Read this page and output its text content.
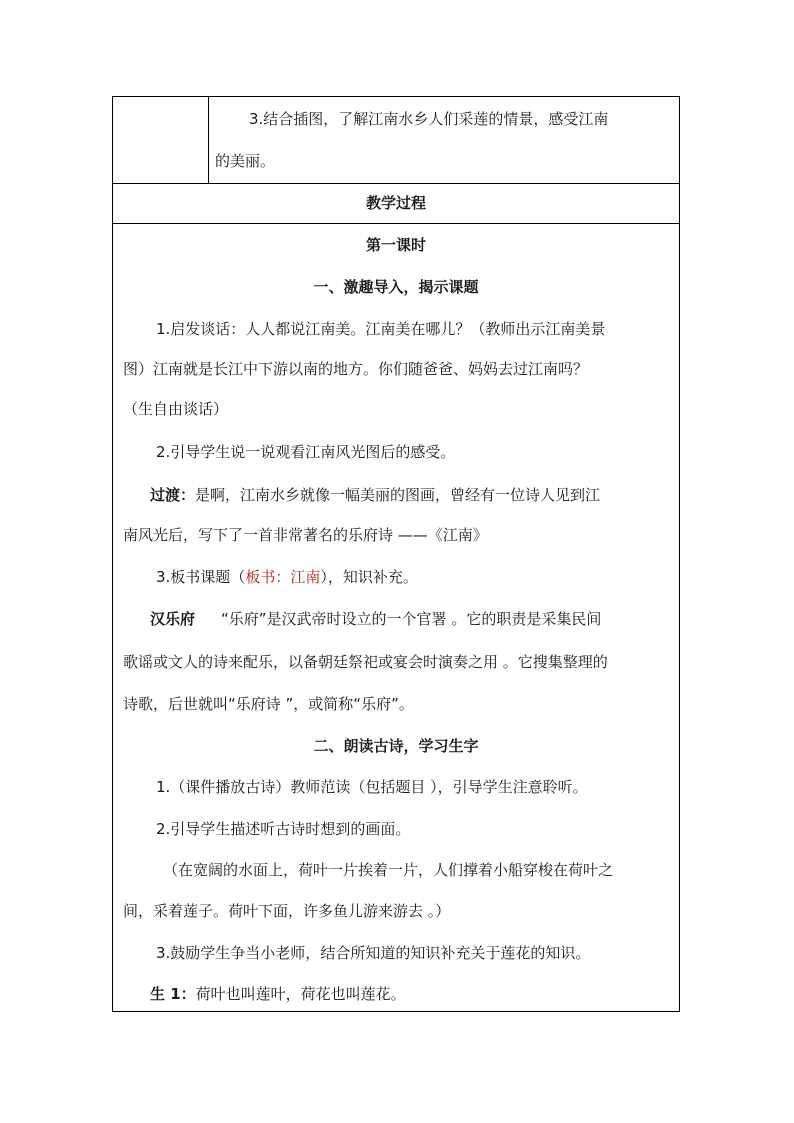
3.结合插图，了解江南水乡人们采莲的情景，感受江南
的美丽。
教学过程
第一课时
一、激趣导入，揭示课题
1.启发谈话：人人都说江南美。江南美在哪儿？（教师出示江南美景
图）江南就是长江中下游以南的地方。你们随爸爸、妈妈去过江南吗？
（生自由谈话）
2.引导学生说一说观看江南风光图后的感受。
过渡：是啊，江南水乡就像一幅美丽的图画，曾经有一位诗人见到江
南风光后，写下了一首非常著名的乐府诗 ——《江南》
3.板书课题（板书：江南），知识补充。
汉乐府 “乐府”是汉武帝时设立的一个官署 。它的职责是采集民间
歌谣或文人的诗来配乐，以备朝廷祭祀或宴会时演奏之用 。它搜集整理的
诗歌，后世就叫“乐府诗 ”，或简称“乐府”。
二、朗读古诗，学习生字
1.（课件播放古诗）教师范读（包括题目 ），引导学生注意聆听。
2.引导学生描述听古诗时想到的画面。
（在宽阔的水面上，荷叶一片挨着一片，人们撑着小船穿梭在荷叶之
间，采着莲子。荷叶下面，许多鱼儿游来游去 。）
3.鼓励学生争当小老师，结合所知道的知识补充关于莲花的知识。
生 1：荷叶也叫莲叶，荷花也叫莲花。
